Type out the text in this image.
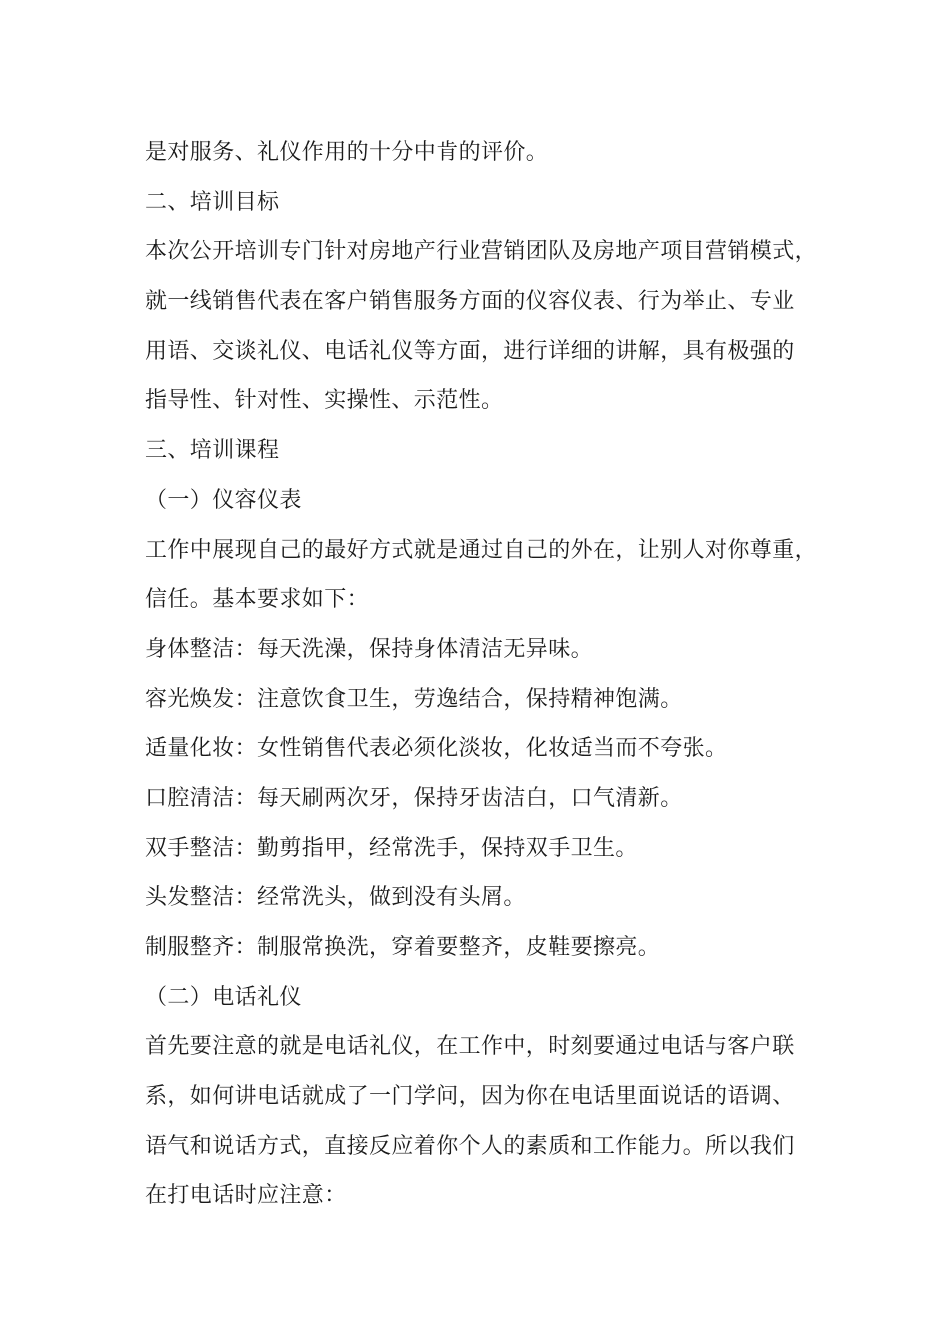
是对服务、礼仪作用的十分中肯的评价。
二、培训目标
本次公开培训专门针对房地产行业营销团队及房地产项目营销模式，
就一线销售代表在客户销售服务方面的仪容仪表、行为举止、专业
用语、交谈礼仪、电话礼仪等方面，进行详细的讲解，具有极强的
指导性、针对性、实操性、示范性。
三、培训课程
（一）仪容仪表
工作中展现自己的最好方式就是通过自己的外在，让别人对你尊重，
信任。基本要求如下：
身体整洁：每天洗澡，保持身体清洁无异味。
容光焕发：注意饮食卫生，劳逸结合，保持精神饱满。
适量化妆：女性销售代表必须化淡妆，化妆适当而不夸张。
口腔清洁：每天刷两次牙，保持牙齿洁白，口气清新。
双手整洁：勤剪指甲，经常洗手，保持双手卫生。
头发整洁：经常洗头，做到没有头屑。
制服整齐：制服常换洗，穿着要整齐，皮鞋要擦亮。
（二）电话礼仪
首先要注意的就是电话礼仪，在工作中，时刻要通过电话与客户联
系，如何讲电话就成了一门学问，因为你在电话里面说话的语调、
语气和说话方式，直接反应着你个人的素质和工作能力。所以我们
在打电话时应注意：
